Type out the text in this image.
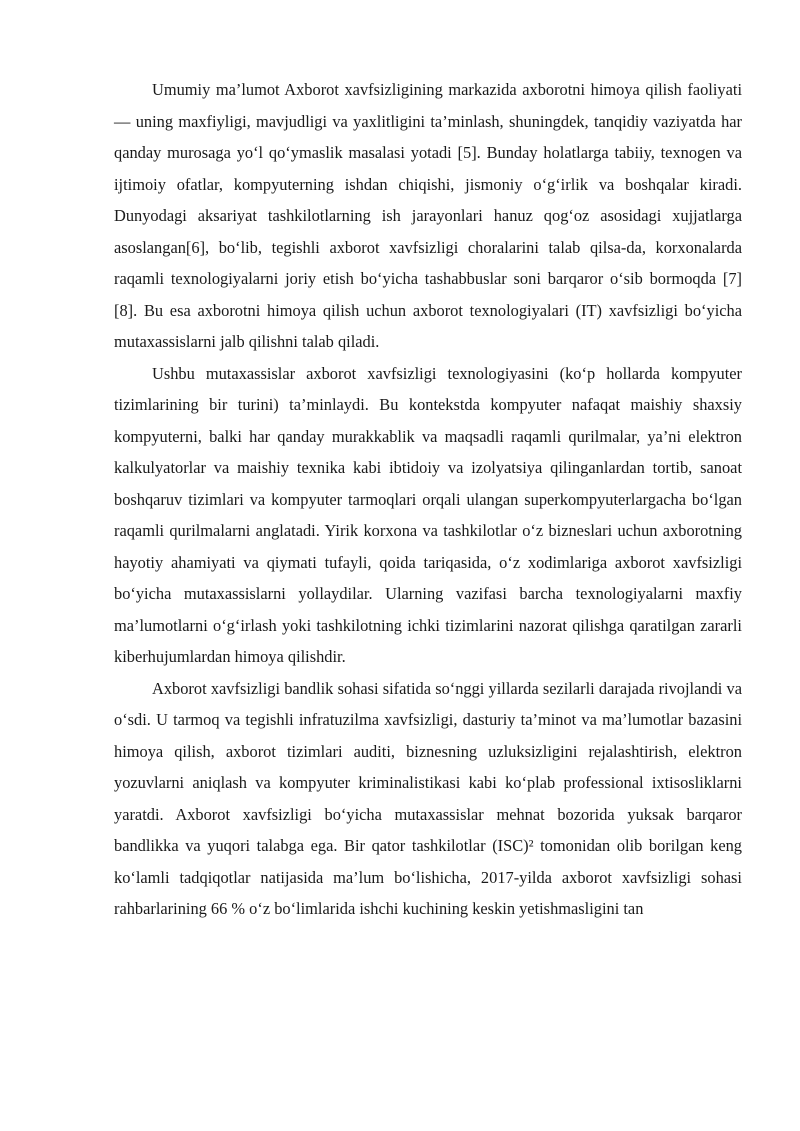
Umumiy ma’lumot Axborot xavfsizligining markazida axborotni himoya qilish faoliyati — uning maxfiyligi, mavjudligi va yaxlitligini ta’minlash, shuningdek, tanqidiy vaziyatda har qanday murosaga yo‘l qo‘ymaslik masalasi yotadi [5]. Bunday holatlarga tabiiy, texnogen va ijtimoiy ofatlar, kompyuterning ishdan chiqishi, jismoniy o‘g‘irlik va boshqalar kiradi. Dunyodagi aksariyat tashkilotlarning ish jarayonlari hanuz qog‘oz asosidagi xujjatlarga asoslangan[6], bo‘lib, tegishli axborot xavfsizligi choralarini talab qilsa-da, korxonalarda raqamli texnologiyalarni joriy etish bo‘yicha tashabbuslar soni barqaror o‘sib bormoqda [7] [8]. Bu esa axborotni himoya qilish uchun axborot texnologiyalari (IT) xavfsizligi bo‘yicha mutaxassislarni jalb qilishni talab qiladi.

Ushbu mutaxassislar axborot xavfsizligi texnologiyasini (ko‘p hollarda kompyuter tizimlarining bir turini) ta’minlaydi. Bu kontekstda kompyuter nafaqat maishiy shaxsiy kompyuterni, balki har qanday murakkablik va maqsadli raqamli qurilmalar, ya’ni elektron kalkulyatorlar va maishiy texnika kabi ibtidoiy va izolyatsiya qilinganlardan tortib, sanoat boshqaruv tizimlari va kompyuter tarmoqlari orqali ulangan superkompyuterlargacha bo‘lgan raqamli qurilmalarni anglatadi. Yirik korxona va tashkilotlar o‘z bizneslari uchun axborotning hayotiy ahamiyati va qiymati tufayli, qoida tariqasida, o‘z xodimlariga axborot xavfsizligi bo‘yicha mutaxassislarni yollaydilar. Ularning vazifasi barcha texnologiyalarni maxfiy ma’lumotlarni o‘g‘irlash yoki tashkilotning ichki tizimlarini nazorat qilishga qaratilgan zararli kiberhujumlardan himoya qilishdir.

Axborot xavfsizligi bandlik sohasi sifatida so‘nggi yillarda sezilarli darajada rivojlandi va o‘sdi. U tarmoq va tegishli infratuzilma xavfsizligi, dasturiy ta’minot va ma’lumotlar bazasini himoya qilish, axborot tizimlari auditi, biznesning uzluksizligini rejalashtirish, elektron yozuvlarni aniqlash va kompyuter kriminalistikasi kabi ko‘plab professional ixtisosliklarni yaratdi. Axborot xavfsizligi bo‘yicha mutaxassislar mehnat bozorida yuksak barqaror bandlikka va yuqori talabga ega. Bir qator tashkilotlar (ISC)² tomonidan olib borilgan keng ko‘lamli tadqiqotlar natijasida ma’lum bo‘lishicha, 2017-yilda axborot xavfsizligi sohasi rahbarlarining 66 % o‘z bo‘limlarida ishchi kuchining keskin yetishmasligini tan
